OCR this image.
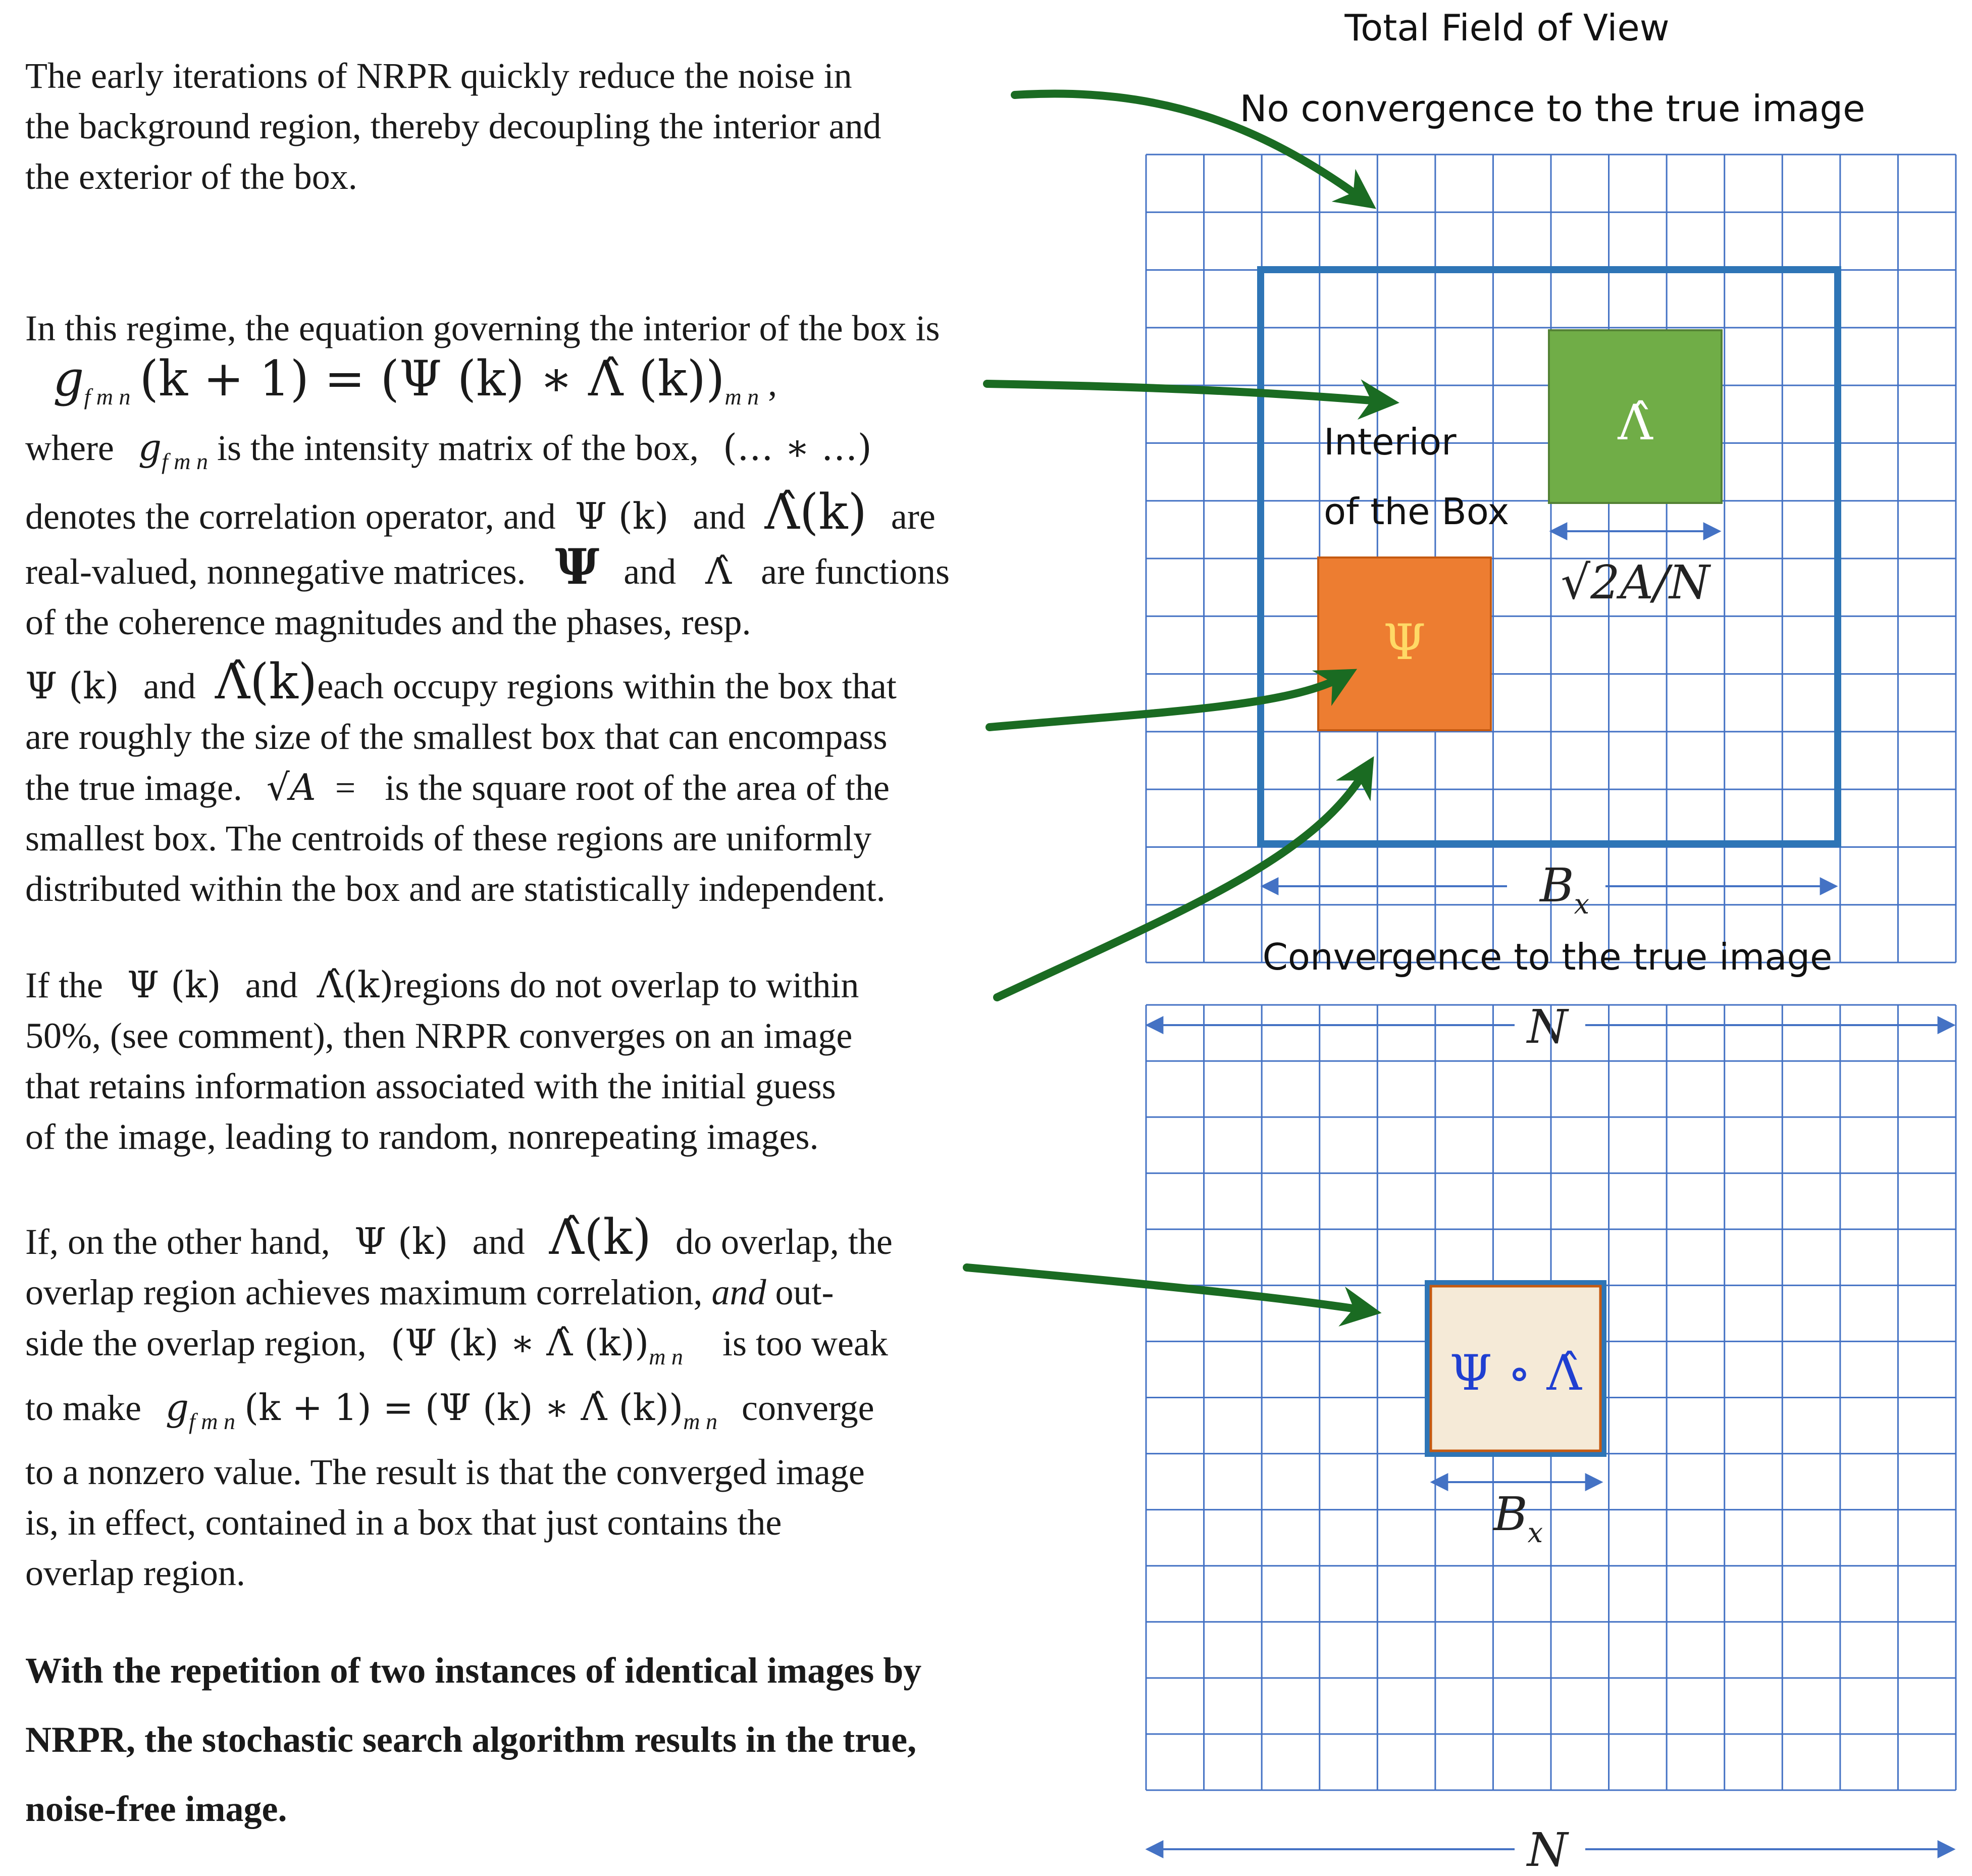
The early iterations of NRPR quickly reduce the noise in
the background region, thereby decoupling the interior and
the exterior of the box.
In this regime, the equation governing the interior of the box is
$g_{f m n}$ (k + 1) = (Ψ (k) ∗ Λ̂ $(k))_{m n}$ ,
where $g_{f m n}$ is the intensity matrix of the box, (… ∗ …)
denotes the correlation operator, and Ψ (k) and Λ̂(k) are
real-valued, nonnegative matrices. Ψ and Λ̂ are functions
of the coherence magnitudes and the phases, resp.
Ψ (k) and Λ̂(k)each occupy regions within the box that
are roughly the size of the smallest box that can encompass
the true image. √A = is the square root of the area of the
smallest box. The centroids of these regions are uniformly
distributed within the box and are statistically independent.
If the Ψ (k) and Λ̂(k)regions do not overlap to within
50%, (see comment), then NRPR converges on an image
that retains information associated with the initial guess
of the image, leading to random, nonrepeating images.
If, on the other hand, Ψ (k) and Λ̂(k) do overlap, the
overlap region achieves maximum correlation, and out-
side the overlap region, (Ψ (k) ∗ Λ̂ $(k))_{m n}$ is too weak
to make $g_{f m n}$ (k + 1) = (Ψ (k) ∗ Λ̂ $(k))_{m n}$ converge
to a nonzero value. The result is that the converged image
is, in effect, contained in a box that just contains the
overlap region.
With the repetition of two instances of identical images by
NRPR, the stochastic search algorithm results in the true,
noise-free image.
Total Field of View
No convergence to the true image
Λ̂
Ψ
Interior
of the Box
√2A/N
$B_x$
Convergence to the true image
N
Ψ ∘ Λ̂
$B_x$
N
